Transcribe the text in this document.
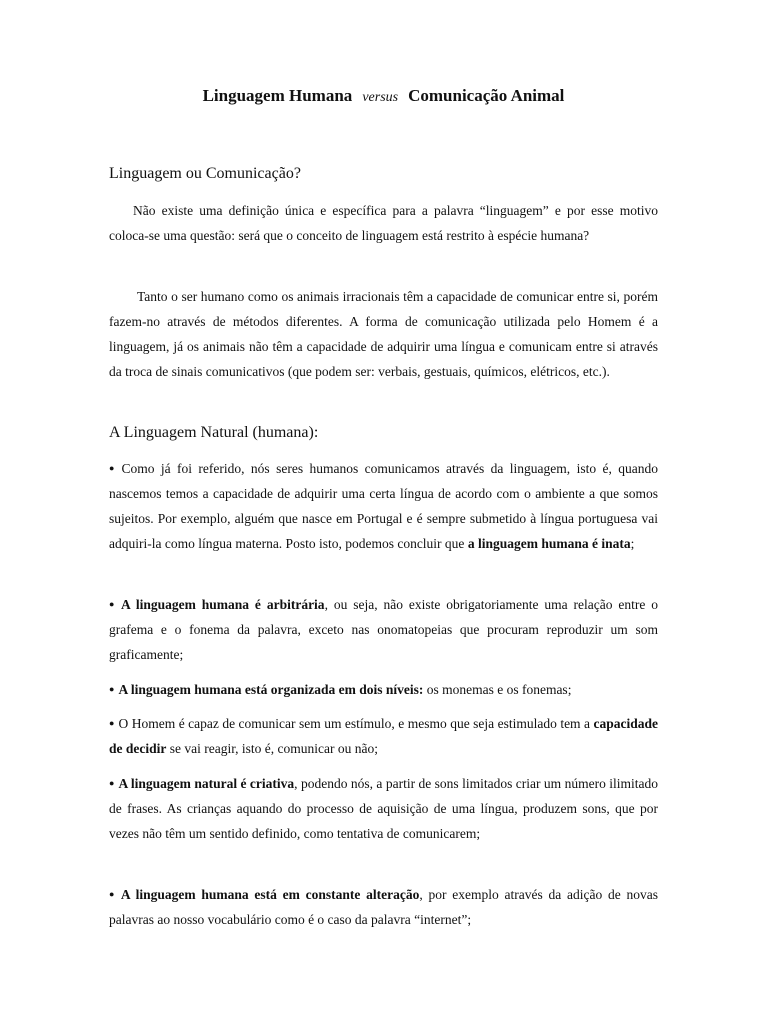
Linguagem Humana versus Comunicação Animal
Linguagem ou Comunicação?

Não existe uma definição única e específica para a palavra “linguagem” e por esse motivo coloca-se uma questão: será que o conceito de linguagem está restrito à espécie humana?

Tanto o ser humano como os animais irracionais têm a capacidade de comunicar entre si, porém fazem-no através de métodos diferentes. A forma de comunicação utilizada pelo Homem é a linguagem, já os animais não têm a capacidade de adquirir uma língua e comunicam entre si através da troca de sinais comunicativos (que podem ser: verbais, gestuais, químicos, elétricos, etc.).

A Linguagem Natural (humana):

● Como já foi referido, nós seres humanos comunicamos através da linguagem, isto é, quando nascemos temos a capacidade de adquirir uma certa língua de acordo com o ambiente a que somos sujeitos. Por exemplo, alguém que nasce em Portugal e é sempre submetido à língua portuguesa vai adquiri-la como língua materna. Posto isto, podemos concluir que a linguagem humana é inata;

● A linguagem humana é arbitrária, ou seja, não existe obrigatoriamente uma relação entre o grafema e o fonema da palavra, exceto nas onomatopeias que procuram reproduzir um som graficamente;

● A linguagem humana está organizada em dois níveis: os monemas e os fonemas;

● O Homem é capaz de comunicar sem um estímulo, e mesmo que seja estimulado tem a capacidade de decidir se vai reagir, isto é, comunicar ou não;

● A linguagem natural é criativa, podendo nós, a partir de sons limitados criar um número ilimitado de frases. As crianças aquando do processo de aquisição de uma língua, produzem sons, que por vezes não têm um sentido definido, como tentativa de comunicarem;

● A linguagem humana está em constante alteração, por exemplo através da adição de novas palavras ao nosso vocabulário como é o caso da palavra “internet”;
